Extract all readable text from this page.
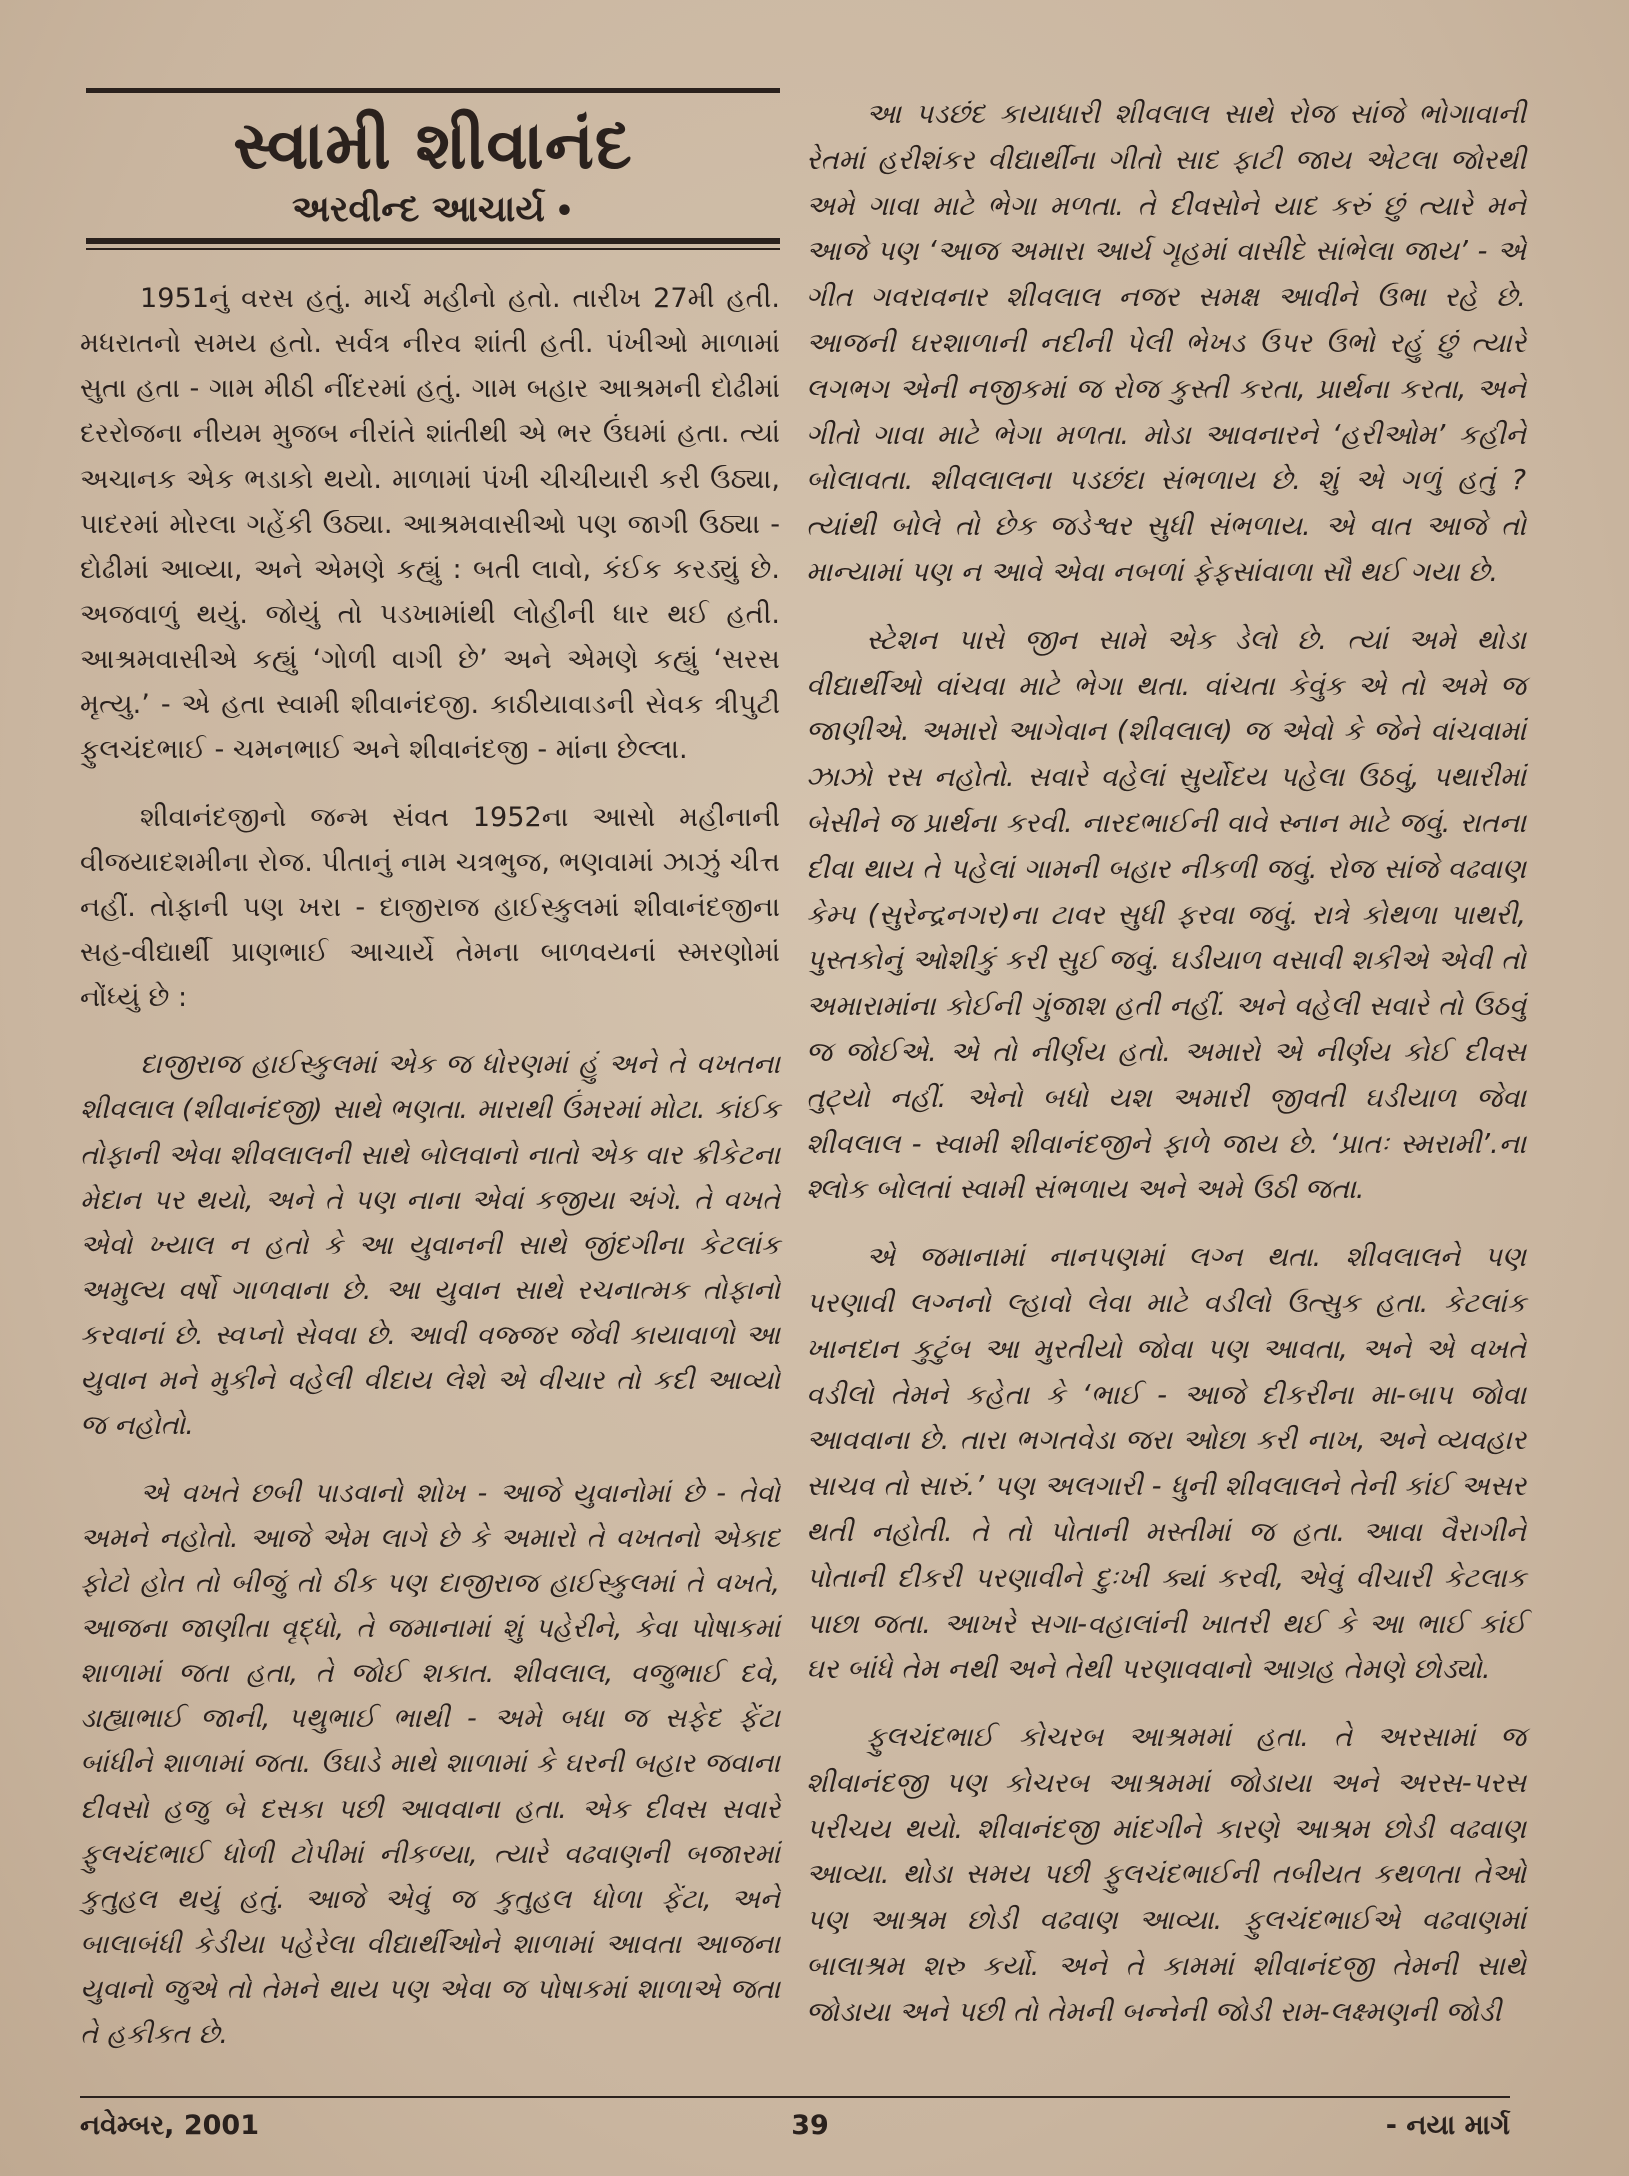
સ્વામી શીવાનંદ
અરવીન્દ આચાર્ય •

1951નું વરસ હતું. માર્ચ મહીનો હતો. તારીખ 27મી હતી. મધરાતનો સમય હતો. સર્વત્ર નીરવ શાંતી હતી. પંખીઓ માળામાં સુતા હતા - ગામ મીઠી નીંદરમાં હતું. ગામ બહાર આશ્રમની દોઢીમાં દરરોજના નીયમ મુજબ નીરાંતે શાંતીથી એ ભર ઉંઘમાં હતા. ત્યાં અચાનક એક ભડાકો થયો. માળામાં પંખી ચીચીયારી કરી ઉઠ્યા, પાદરમાં મોરલા ગહેંકી ઉઠ્યા. આશ્રમવાસીઓ પણ જાગી ઉઠ્યા - દોઢીમાં આવ્યા, અને એમણે કહ્યું : બતી લાવો, કંઈક કરડ્યું છે. અજવાળું થયું. જોયું તો પડખામાંથી લોહીની ધાર થઈ હતી. આશ્રમવાસીએ કહ્યું ‘ગોળી વાગી છે’ અને એમણે કહ્યું ‘સરસ મૃત્યુ.’ - એ હતા સ્વામી શીવાનંદજી. કાઠીયાવાડની સેવક ત્રીપુટી ફુલચંદભાઈ - ચમનભાઈ અને શીવાનંદજી - માંના છેલ્લા.

શીવાનંદજીનો જન્મ સંવત 1952ના આસો મહીનાની વીજયાદશમીના રોજ. પીતાનું નામ ચત્રભુજ, ભણવામાં ઝાઝું ચીત્ત નહીં. તોફાની પણ ખરા - દાજીરાજ હાઈસ્કુલમાં શીવાનંદજીના સહ-વીદ્યાર્થી પ્રાણભાઈ આચાર્યે તેમના બાળવયનાં સ્મરણોમાં નોંધ્યું છે :

દાજીરાજ હાઈસ્કુલમાં એક જ ધોરણમાં હું અને તે વખતના શીવલાલ (શીવાનંદજી) સાથે ભણતા. મારાથી ઉંમરમાં મોટા. કાંઈક તોફાની એવા શીવલાલની સાથે બોલવાનો નાતો એક વાર ક્રીકેટના મેદાન પર થયો, અને તે પણ નાના એવાં કજીયા અંગે. તે વખતે એવો ખ્યાલ ન હતો કે આ યુવાનની સાથે જીંદગીના કેટલાંક અમુલ્ય વર્ષો ગાળવાના છે. આ યુવાન સાથે રચનાત્મક તોફાનો કરવાનાં છે. સ્વપ્નો સેવવા છે. આવી વજ્જર જેવી કાયાવાળો આ યુવાન મને મુકીને વહેલી વીદાય લેશે એ વીચાર તો કદી આવ્યો જ નહોતો.

એ વખતે છબી પાડવાનો શોખ - આજે યુવાનોમાં છે - તેવો અમને નહોતો. આજે એમ લાગે છે કે અમારો તે વખતનો એકાદ ફોટો હોત તો બીજું તો ઠીક પણ દાજીરાજ હાઈસ્કુલમાં તે વખતે, આજના જાણીતા વૃદ્ધો, તે જમાનામાં શું પહેરીને, કેવા પોષાકમાં શાળામાં જતા હતા, તે જોઈ શકાત. શીવલાલ, વજુભાઈ દવે, ડાહ્યાભાઈ જાની, પથુભાઈ ભાથી - અમે બધા જ સફેદ ફેંટા બાંધીને શાળામાં જતા. ઉઘાડે માથે શાળામાં કે ઘરની બહાર જવાના દીવસો હજુ બે દસકા પછી આવવાના હતા. એક દીવસ સવારે ફુલચંદભાઈ ધોળી ટોપીમાં નીકળ્યા, ત્યારે વઢવાણની બજારમાં કુતુહલ થયું હતું. આજે એવું જ કુતુહલ ધોળા ફેંટા, અને બાલાબંધી કેડીયા પહેરેલા વીદ્યાર્થીઓને શાળામાં આવતા આજના યુવાનો જુએ તો તેમને થાય પણ એવા જ પોષાકમાં શાળાએ જતા તે હકીકત છે.

આ પડછંદ કાયાધારી શીવલાલ સાથે રોજ સાંજે ભોગાવાની રેતમાં હરીશંકર વીદ્યાર્થીના ગીતો સાદ ફાટી જાય એટલા જોરથી અમે ગાવા માટે ભેગા મળતા. તે દીવસોને યાદ કરું છું ત્યારે મને આજે પણ ‘આજ અમારા આર્ય ગૃહમાં વાસીદે સાંભેલા જાય’ - એ ગીત ગવરાવનાર શીવલાલ નજર સમક્ષ આવીને ઉભા રહે છે. આજની ઘરશાળાની નદીની પેલી ભેખડ ઉપર ઉભો રહું છું ત્યારે લગભગ એની નજીકમાં જ રોજ કુસ્તી કરતા, પ્રાર્થના કરતા, અને ગીતો ગાવા માટે ભેગા મળતા. મોડા આવનારને ‘હરીઓમ’ કહીને બોલાવતા. શીવલાલના પડછંદા સંભળાય છે. શું એ ગળું હતું ? ત્યાંથી બોલે તો છેક જડેશ્વર સુધી સંભળાય. એ વાત આજે તો માન્યામાં પણ ન આવે એવા નબળાં ફેફસાંવાળા સૌ થઈ ગયા છે.

સ્ટેશન પાસે જીન સામે એક ડેલો છે. ત્યાં અમે થોડા વીદ્યાર્થીઓ વાંચવા માટે ભેગા થતા. વાંચતા કેવુંક એ તો અમે જ જાણીએ. અમારો આગેવાન (શીવલાલ) જ એવો કે જેને વાંચવામાં ઝાઝો રસ નહોતો. સવારે વહેલાં સુર્યોદય પહેલા ઉઠવું, પથારીમાં બેસીને જ પ્રાર્થના કરવી. નારદભાઈની વાવે સ્નાન માટે જવું. રાતના દીવા થાય તે પહેલાં ગામની બહાર નીકળી જવું. રોજ સાંજે વઢવાણ કેમ્પ (સુરેન્દ્રનગર)ના ટાવર સુધી ફરવા જવું. રાત્રે કોથળા પાથરી, પુસ્તકોનું ઓશીકું કરી સુઈ જવું. ઘડીયાળ વસાવી શકીએ એવી તો અમારામાંના કોઈની ગુંજાશ હતી નહીં. અને વહેલી સવારે તો ઉઠવું જ જોઈએ. એ તો નીર્ણય હતો. અમારો એ નીર્ણય કોઈ દીવસ તુટ્યો નહીં. એનો બધો યશ અમારી જીવતી ઘડીયાળ જેવા શીવલાલ - સ્વામી શીવાનંદજીને ફાળે જાય છે. ‘પ્રાતઃ સ્મરામી’.ના શ્લોક બોલતાં સ્વામી સંભળાય અને અમે ઉઠી જતા.

એ જમાનામાં નાનપણમાં લગ્ન થતા. શીવલાલને પણ પરણાવી લગ્નનો લ્હાવો લેવા માટે વડીલો ઉત્સુક હતા. કેટલાંક ખાનદાન કુટુંબ આ મુરતીયો જોવા પણ આવતા, અને એ વખતે વડીલો તેમને કહેતા કે ‘ભાઈ - આજે દીકરીના મા-બાપ જોવા આવવાના છે. તારા ભગતવેડા જરા ઓછા કરી નાખ, અને વ્યવહાર સાચવ તો સારું.’ પણ અલગારી - ધુની શીવલાલને તેની કાંઈ અસર થતી નહોતી. તે તો પોતાની મસ્તીમાં જ હતા. આવા વૈરાગીને પોતાની દીકરી પરણાવીને દુઃખી ક્યાં કરવી, એવું વીચારી કેટલાક પાછા જતા. આખરે સગા-વહાલાંની ખાતરી થઈ કે આ ભાઈ કાંઈ ઘર બાંધે તેમ નથી અને તેથી પરણાવવાનો આગ્રહ તેમણે છોડ્યો.

ફુલચંદભાઈ કોચરબ આશ્રમમાં હતા. તે અરસામાં જ શીવાનંદજી પણ કોચરબ આશ્રમમાં જોડાયા અને અરસ-પરસ પરીચય થયો. શીવાનંદજી માંદગીને કારણે આશ્રમ છોડી વઢવાણ આવ્યા. થોડા સમય પછી ફુલચંદભાઈની તબીયત કથળતા તેઓ પણ આશ્રમ છોડી વઢવાણ આવ્યા. ફુલચંદભાઈએ વઢવાણમાં બાલાશ્રમ શરુ કર્યો. અને તે કામમાં શીવાનંદજી તેમની સાથે જોડાયા અને પછી તો તેમની બન્નેની જોડી રામ-લક્ષ્મણની જોડી

નવેમ્બર, 2001	39	- નયા માર્ગ
